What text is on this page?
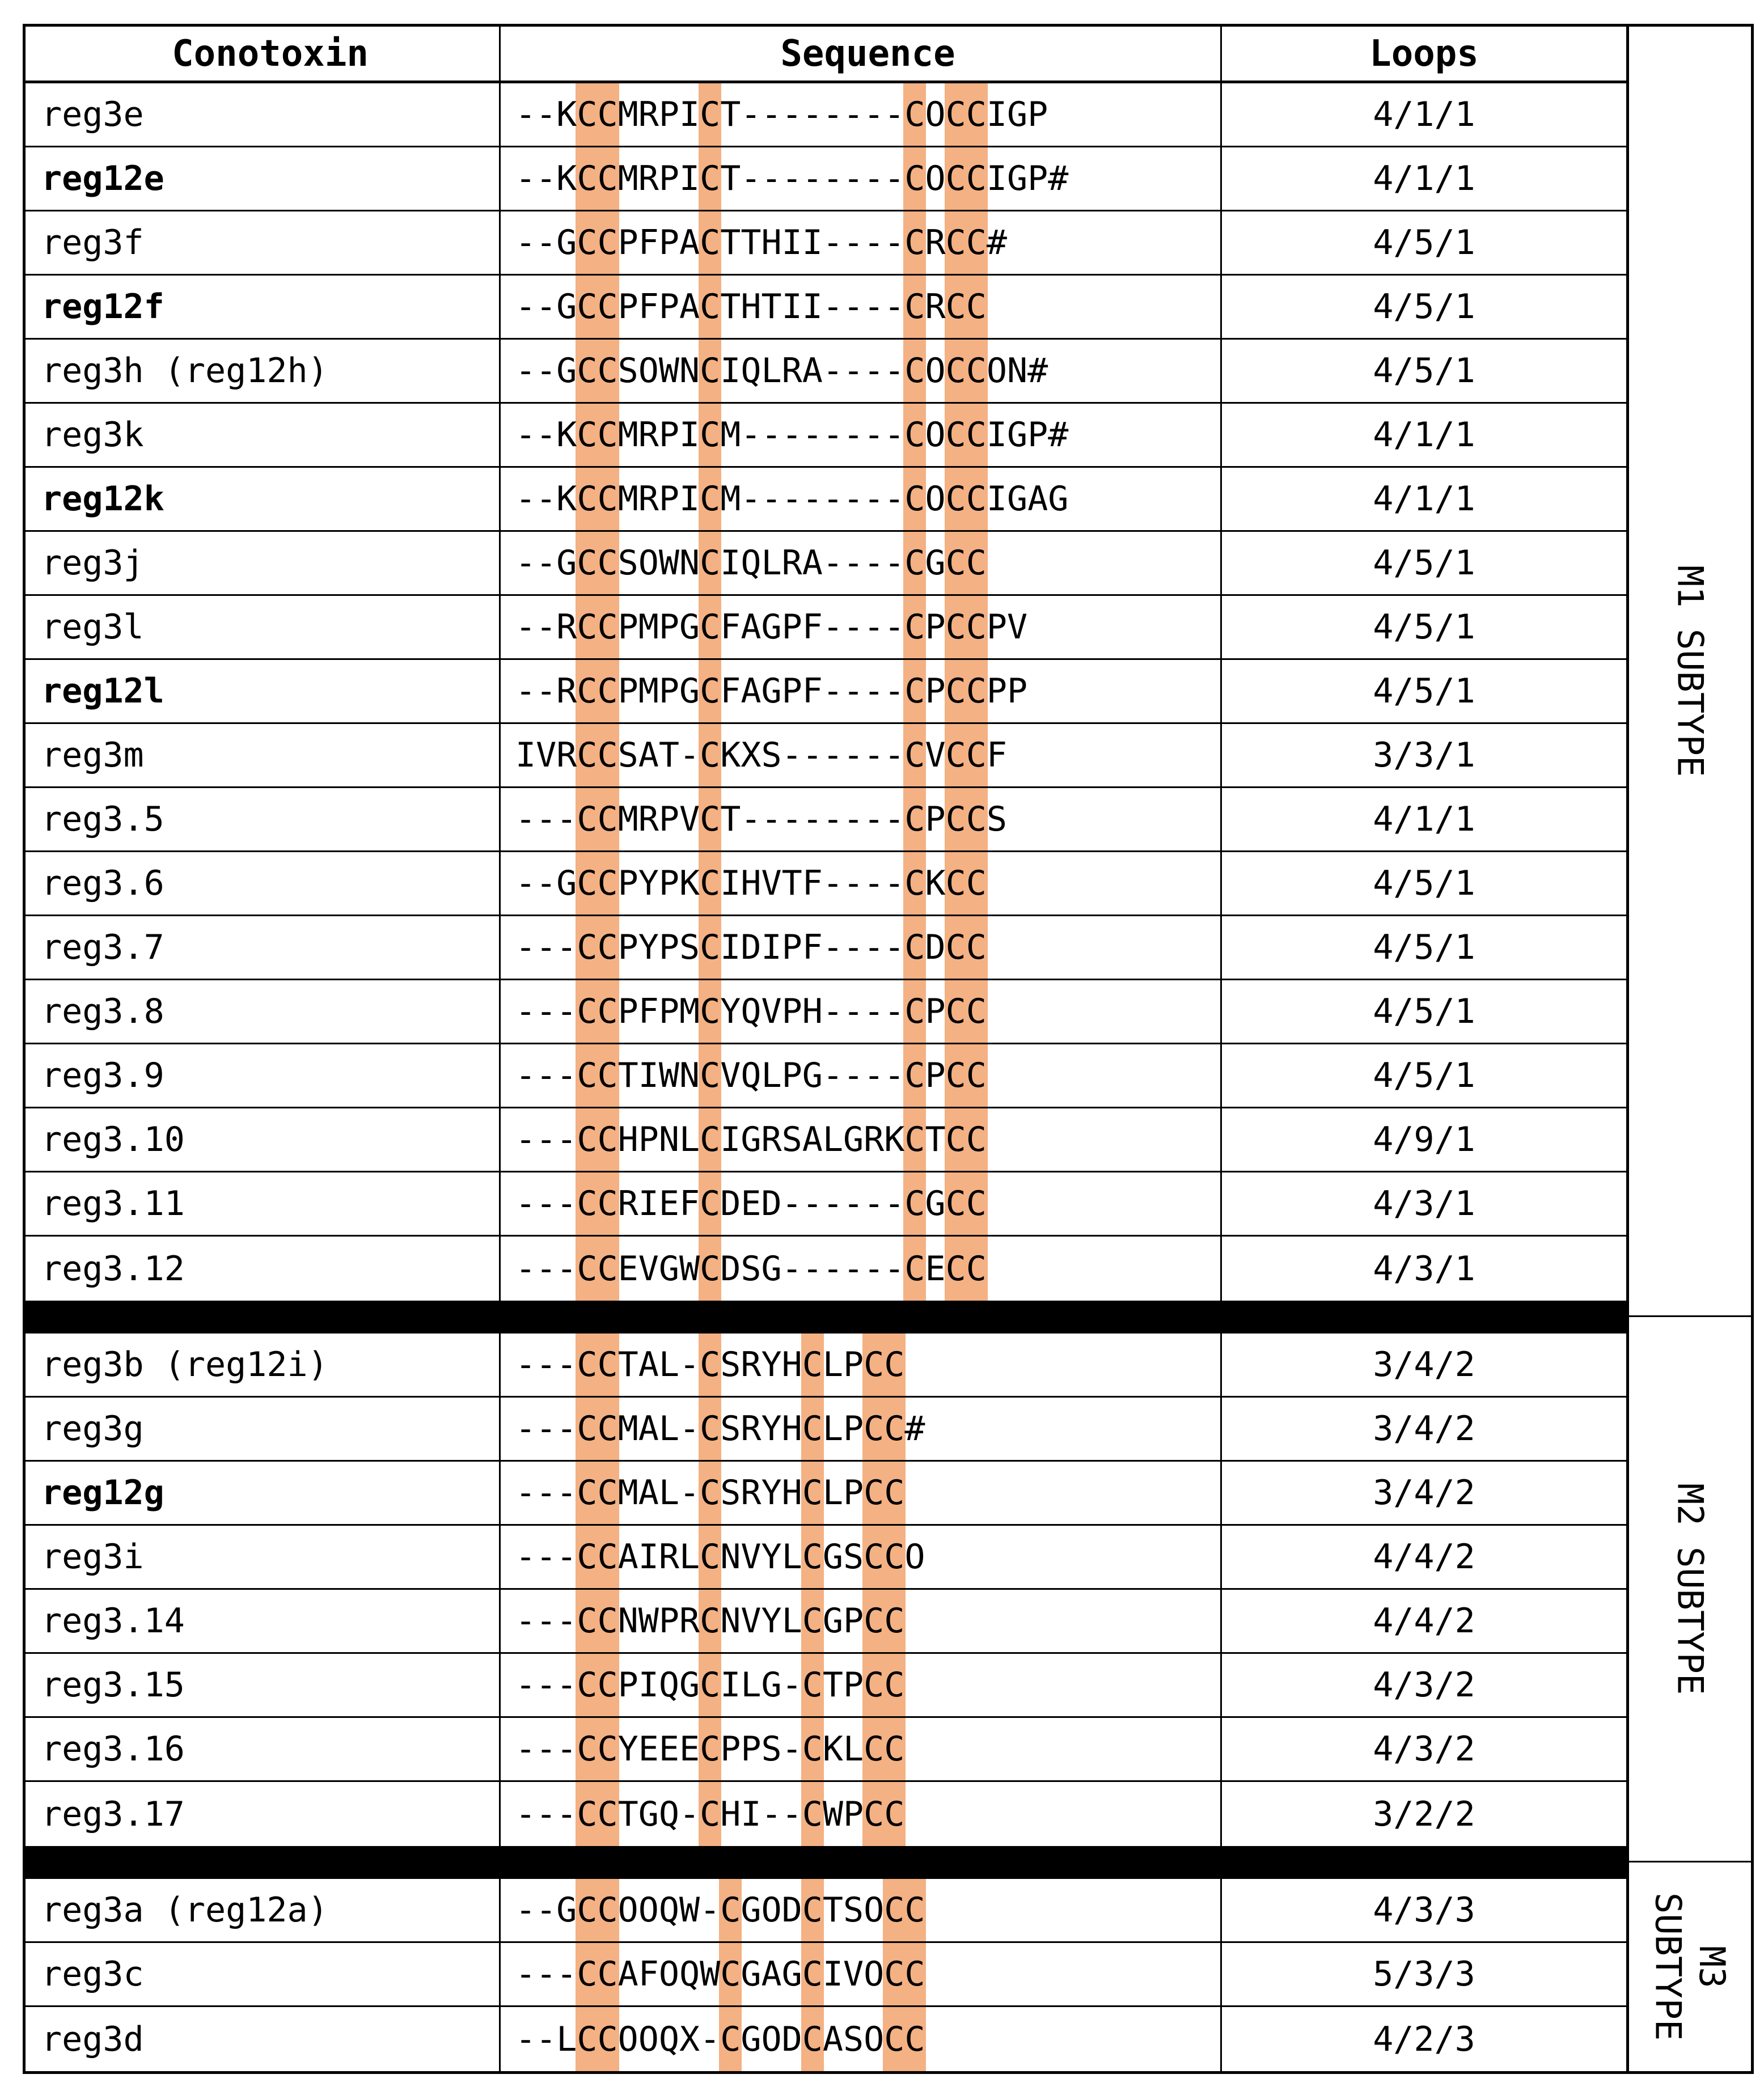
Conotoxin	Sequence	Loops
reg3e	--KCCMRPICT--------COCCIGP	4/1/1
reg12e	--KCCMRPICT--------COCCIGP#	4/1/1
reg3f	--GCCPFPACTTHII----CRCC#	4/5/1
reg12f	--GCCPFPACTHTII----CRCC	4/5/1
reg3h (reg12h)	--GCCSOWNCIQLRA----COCCON#	4/5/1
reg3k	--KCCMRPICM--------COCCIGP#	4/1/1
reg12k	--KCCMRPICM--------COCCIGAG	4/1/1
reg3j	--GCCSOWNCIQLRA----CGCC	4/5/1
reg3l	--RCCPMPGCFAGPF----CPCCPV	4/5/1
reg12l	--RCCPMPGCFAGPF----CPCCPP	4/5/1
reg3m	IVRCCSAT-CKXS------CVCCF	3/3/1
reg3.5	---CCMRPVCT--------CPCCS	4/1/1
reg3.6	--GCCPYPKCIHVTF----CKCC	4/5/1
reg3.7	---CCPYPSCIDIPF----CDCC	4/5/1
reg3.8	---CCPFPMCYQVPH----CPCC	4/5/1
reg3.9	---CCTIWNCVQLPG----CPCC	4/5/1
reg3.10	---CCHPNLCIGRSALGRKCTCC	4/9/1
reg3.11	---CCRIEFCDED------CGCC	4/3/1
reg3.12	---CCEVGWCDSG------CECC	4/3/1
reg3b (reg12i)	---CCTAL-CSRYHCLPCC	3/4/2
reg3g	---CCMAL-CSRYHCLPCC#	3/4/2
reg12g	---CCMAL-CSRYHCLPCC	3/4/2
reg3i	---CCAIRLCNVYLCGSCCO	4/4/2
reg3.14	---CCNWPRCNVYLCGPCC	4/4/2
reg3.15	---CCPIQGCILG-CTPCC	4/3/2
reg3.16	---CCYEEECPPS-CKLCC	4/3/2
reg3.17	---CCTGQ-CHI--CWPCC	3/2/2
reg3a (reg12a)	--GCCOOQW-CGODCTSOCC	4/3/3
reg3c	---CCAFOQWCGAGCIVOCC	5/3/3
reg3d	--LCCOOQX-CGODCASOCC	4/2/3
M1 SUBTYPE
M2 SUBTYPE
M3 SUBTYPE
